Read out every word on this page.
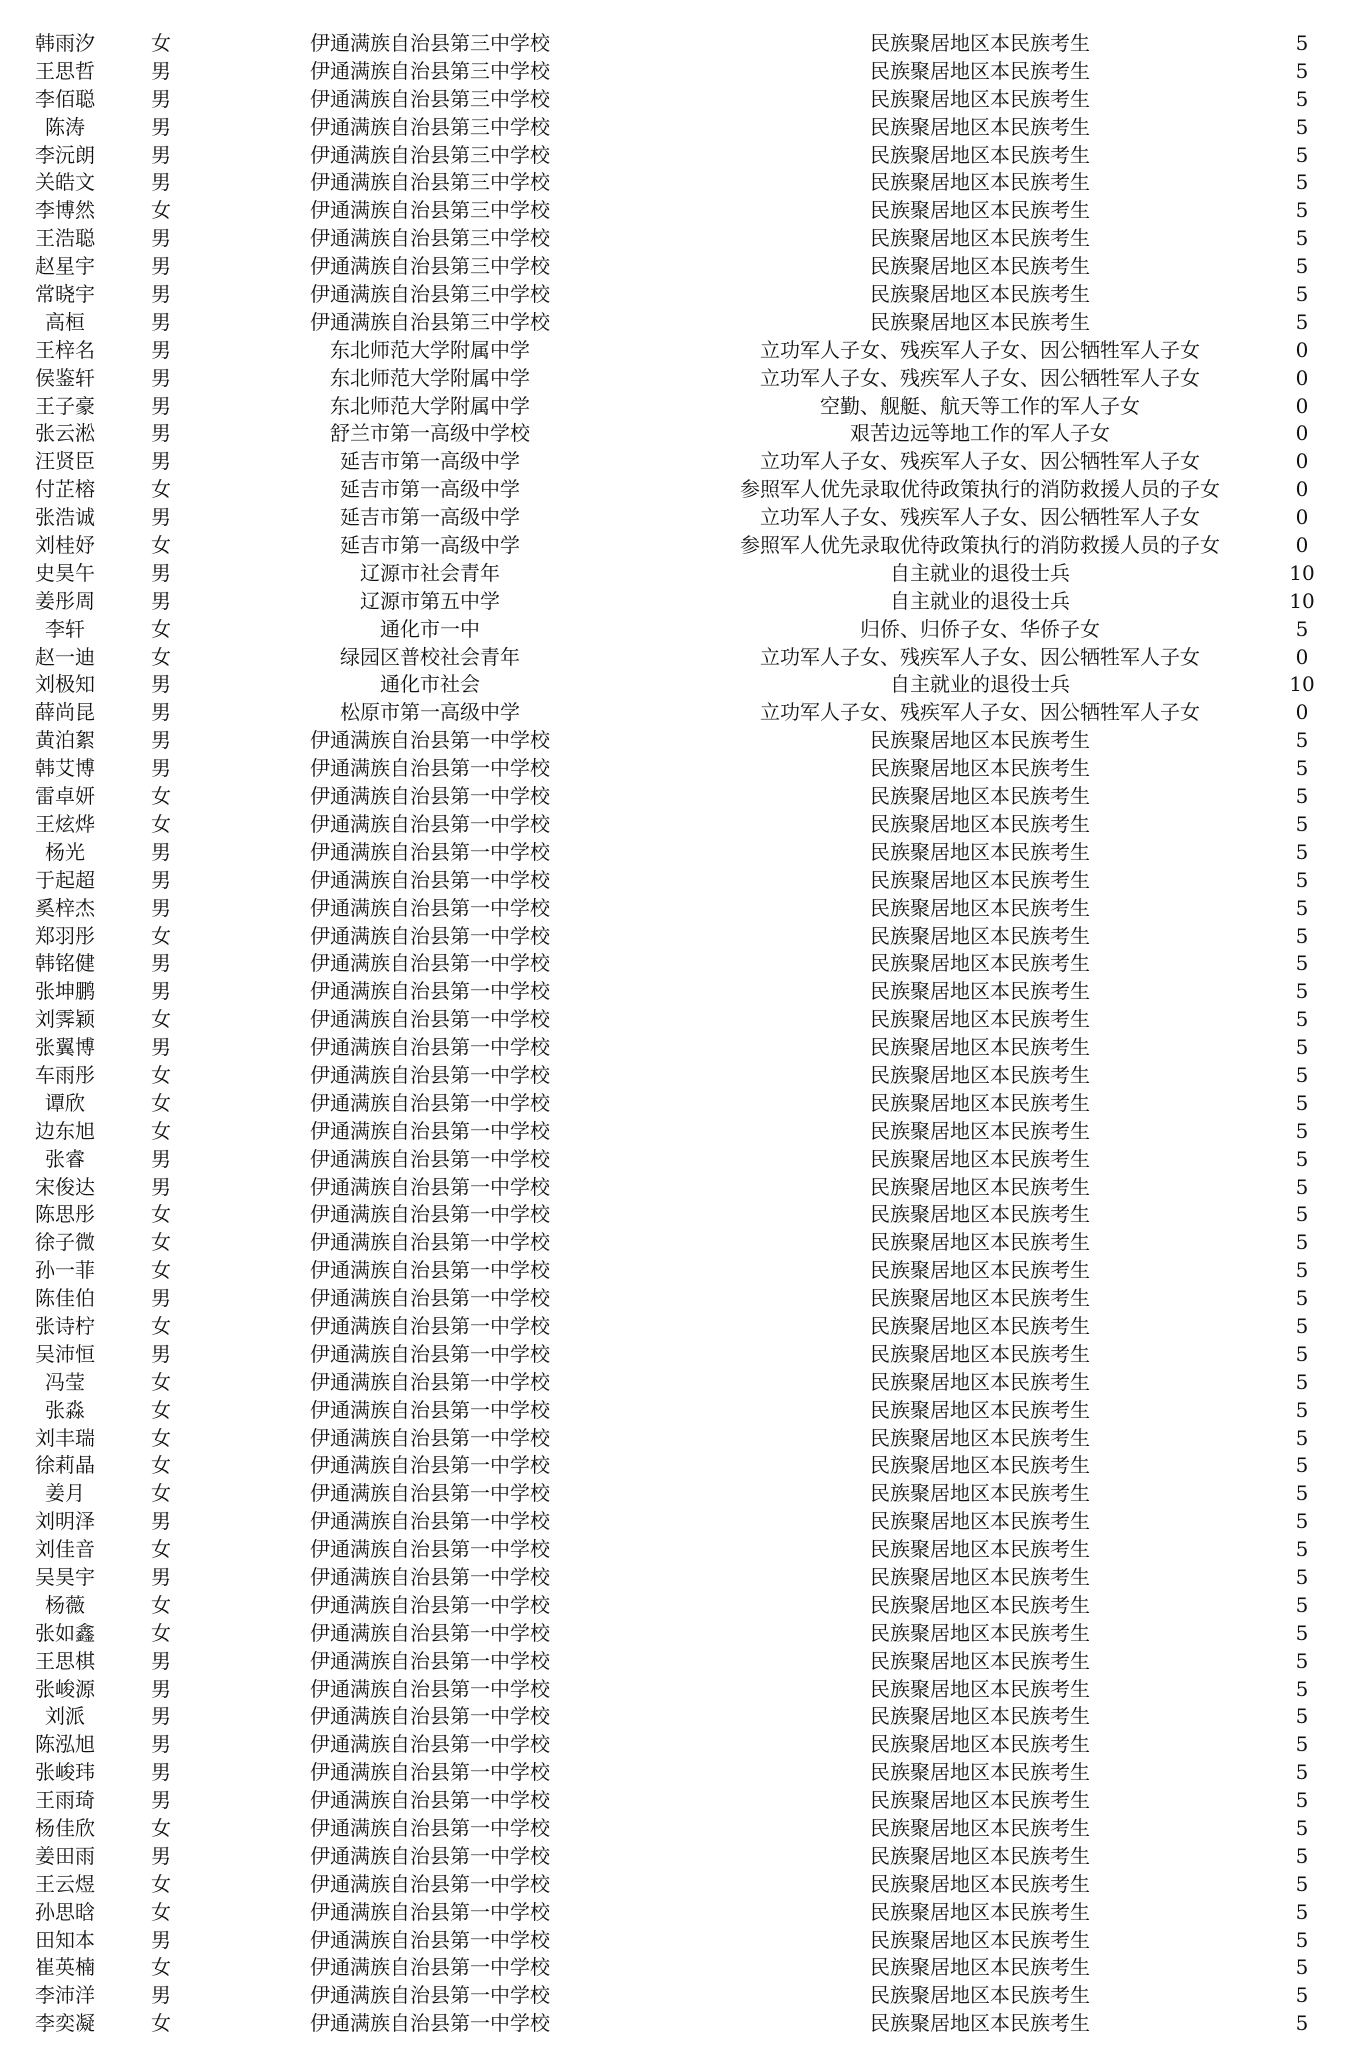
韩雨汐	女	伊通满族自治县第三中学校	民族聚居地区本民族考生	5
王思哲	男	伊通满族自治县第三中学校	民族聚居地区本民族考生	5
李佰聪	男	伊通满族自治县第三中学校	民族聚居地区本民族考生	5
陈涛	男	伊通满族自治县第三中学校	民族聚居地区本民族考生	5
李沅朗	男	伊通满族自治县第三中学校	民族聚居地区本民族考生	5
关皓文	男	伊通满族自治县第三中学校	民族聚居地区本民族考生	5
李博然	女	伊通满族自治县第三中学校	民族聚居地区本民族考生	5
王浩聪	男	伊通满族自治县第三中学校	民族聚居地区本民族考生	5
赵星宇	男	伊通满族自治县第三中学校	民族聚居地区本民族考生	5
常晓宇	男	伊通满族自治县第三中学校	民族聚居地区本民族考生	5
高桓	男	伊通满族自治县第三中学校	民族聚居地区本民族考生	5
王梓名	男	东北师范大学附属中学	立功军人子女、残疾军人子女、因公牺牲军人子女	0
侯鉴轩	男	东北师范大学附属中学	立功军人子女、残疾军人子女、因公牺牲军人子女	0
王子豪	男	东北师范大学附属中学	空勤、舰艇、航天等工作的军人子女	0
张云淞	男	舒兰市第一高级中学校	艰苦边远等地工作的军人子女	0
汪贤臣	男	延吉市第一高级中学	立功军人子女、残疾军人子女、因公牺牲军人子女	0
付芷榕	女	延吉市第一高级中学	参照军人优先录取优待政策执行的消防救援人员的子女	0
张浩诚	男	延吉市第一高级中学	立功军人子女、残疾军人子女、因公牺牲军人子女	0
刘桂妤	女	延吉市第一高级中学	参照军人优先录取优待政策执行的消防救援人员的子女	0
史昊午	男	辽源市社会青年	自主就业的退役士兵	10
姜彤周	男	辽源市第五中学	自主就业的退役士兵	10
李轩	女	通化市一中	归侨、归侨子女、华侨子女	5
赵一迪	女	绿园区普校社会青年	立功军人子女、残疾军人子女、因公牺牲军人子女	0
刘极知	男	通化市社会	自主就业的退役士兵	10
薛尚昆	男	松原市第一高级中学	立功军人子女、残疾军人子女、因公牺牲军人子女	0
黄泊絮	男	伊通满族自治县第一中学校	民族聚居地区本民族考生	5
韩艾博	男	伊通满族自治县第一中学校	民族聚居地区本民族考生	5
雷卓妍	女	伊通满族自治县第一中学校	民族聚居地区本民族考生	5
王炫烨	女	伊通满族自治县第一中学校	民族聚居地区本民族考生	5
杨光	男	伊通满族自治县第一中学校	民族聚居地区本民族考生	5
于起超	男	伊通满族自治县第一中学校	民族聚居地区本民族考生	5
奚梓杰	男	伊通满族自治县第一中学校	民族聚居地区本民族考生	5
郑羽彤	女	伊通满族自治县第一中学校	民族聚居地区本民族考生	5
韩铭健	男	伊通满族自治县第一中学校	民族聚居地区本民族考生	5
张坤鹏	男	伊通满族自治县第一中学校	民族聚居地区本民族考生	5
刘霁颖	女	伊通满族自治县第一中学校	民族聚居地区本民族考生	5
张翼博	男	伊通满族自治县第一中学校	民族聚居地区本民族考生	5
车雨彤	女	伊通满族自治县第一中学校	民族聚居地区本民族考生	5
谭欣	女	伊通满族自治县第一中学校	民族聚居地区本民族考生	5
边东旭	女	伊通满族自治县第一中学校	民族聚居地区本民族考生	5
张睿	男	伊通满族自治县第一中学校	民族聚居地区本民族考生	5
宋俊达	男	伊通满族自治县第一中学校	民族聚居地区本民族考生	5
陈思彤	女	伊通满族自治县第一中学校	民族聚居地区本民族考生	5
徐子微	女	伊通满族自治县第一中学校	民族聚居地区本民族考生	5
孙一菲	女	伊通满族自治县第一中学校	民族聚居地区本民族考生	5
陈佳伯	男	伊通满族自治县第一中学校	民族聚居地区本民族考生	5
张诗柠	女	伊通满族自治县第一中学校	民族聚居地区本民族考生	5
吴沛恒	男	伊通满族自治县第一中学校	民族聚居地区本民族考生	5
冯莹	女	伊通满族自治县第一中学校	民族聚居地区本民族考生	5
张淼	女	伊通满族自治县第一中学校	民族聚居地区本民族考生	5
刘丰瑞	女	伊通满族自治县第一中学校	民族聚居地区本民族考生	5
徐莉晶	女	伊通满族自治县第一中学校	民族聚居地区本民族考生	5
姜月	女	伊通满族自治县第一中学校	民族聚居地区本民族考生	5
刘明泽	男	伊通满族自治县第一中学校	民族聚居地区本民族考生	5
刘佳音	女	伊通满族自治县第一中学校	民族聚居地区本民族考生	5
吴昊宇	男	伊通满族自治县第一中学校	民族聚居地区本民族考生	5
杨薇	女	伊通满族自治县第一中学校	民族聚居地区本民族考生	5
张如鑫	女	伊通满族自治县第一中学校	民族聚居地区本民族考生	5
王思棋	男	伊通满族自治县第一中学校	民族聚居地区本民族考生	5
张峻源	男	伊通满族自治县第一中学校	民族聚居地区本民族考生	5
刘派	男	伊通满族自治县第一中学校	民族聚居地区本民族考生	5
陈泓旭	男	伊通满族自治县第一中学校	民族聚居地区本民族考生	5
张峻玮	男	伊通满族自治县第一中学校	民族聚居地区本民族考生	5
王雨琦	男	伊通满族自治县第一中学校	民族聚居地区本民族考生	5
杨佳欣	女	伊通满族自治县第一中学校	民族聚居地区本民族考生	5
姜田雨	男	伊通满族自治县第一中学校	民族聚居地区本民族考生	5
王云煜	女	伊通满族自治县第一中学校	民族聚居地区本民族考生	5
孙思晗	女	伊通满族自治县第一中学校	民族聚居地区本民族考生	5
田知本	男	伊通满族自治县第一中学校	民族聚居地区本民族考生	5
崔英楠	女	伊通满族自治县第一中学校	民族聚居地区本民族考生	5
李沛洋	男	伊通满族自治县第一中学校	民族聚居地区本民族考生	5
李奕凝	女	伊通满族自治县第一中学校	民族聚居地区本民族考生	5
